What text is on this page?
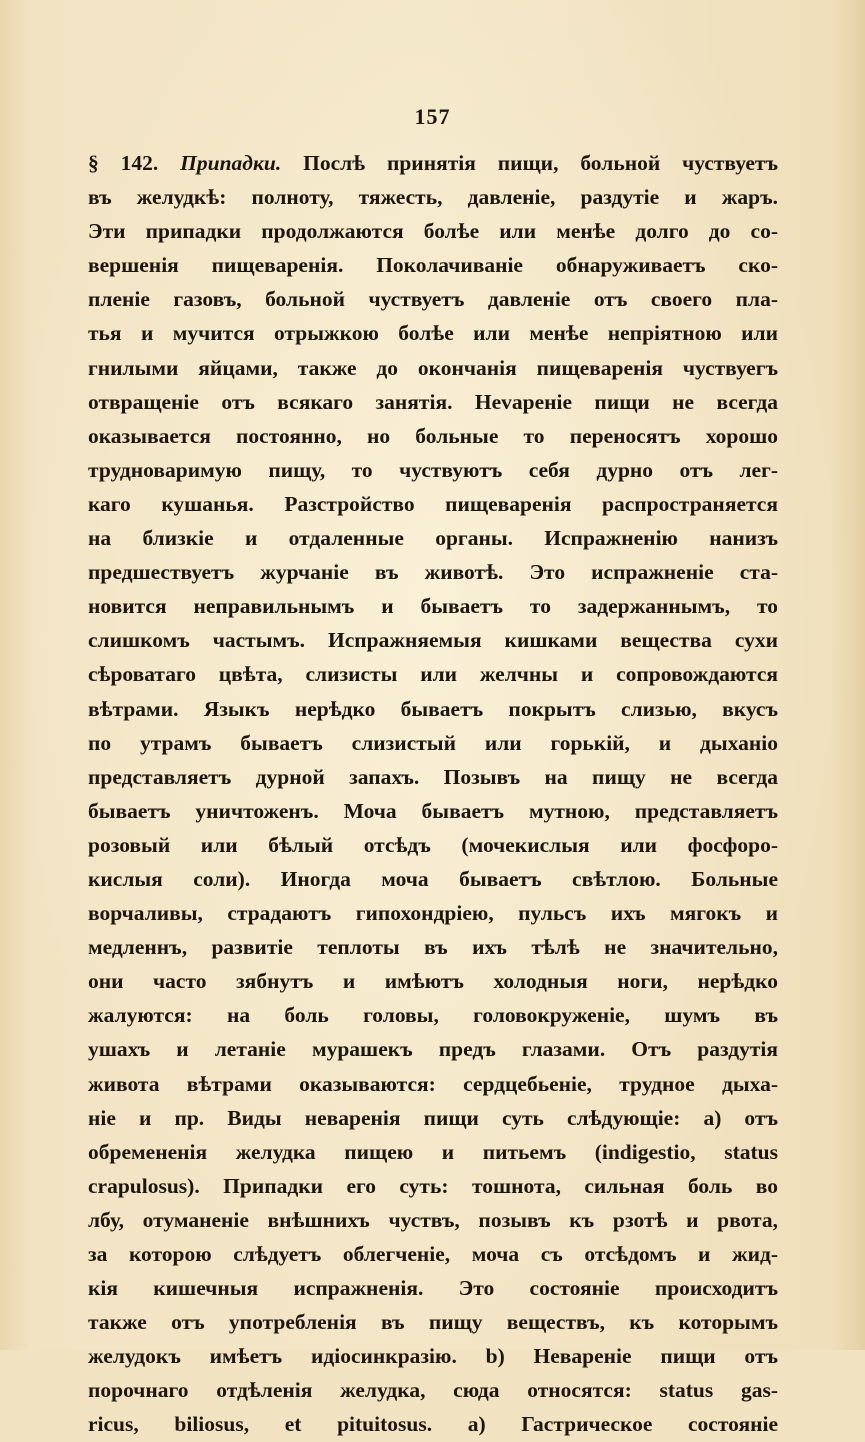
157
§ 142. Припадки. Послѣ принятія пищи, больной чуствуетъ
въ желудкѣ: полноту, тяжесть, давленіе, раздутіе и жаръ.
Эти припадки продолжаются болѣе или менѣе долго до со-
вершенія пищеваренія. Поколачиваніе обнаруживаетъ ско-
пленіе газовъ, больной чуствуетъ давленіе отъ своего пла-
тья и мучится отрыжкою болѣе или менѣе непріятною или
гнилыми яйцами, также до окончанія пищеваренія чуствуегъ
отвращеніе отъ всякаго занятія. Неvареніе пищи не всегда
оказывается постоянно, но больные то переносятъ хорошо
трудноваримую пищу, то чуствуютъ себя дурно отъ лег-
каго кушанья. Разстройство пищеваренія распространяется
на близкіе и отдаленные органы. Испражненію нанизъ
предшествуетъ журчаніе въ животѣ. Это испражненіе ста-
новится неправильнымъ и бываетъ то задержаннымъ, то
слишкомъ частымъ. Испражняемыя кишками вещества сухи
сѣроватаго цвѣта, слизисты или желчны и сопровождаются
вѣтрами. Языкъ нерѣдко бываетъ покрытъ слизью, вкусъ
по утрамъ бываетъ слизистый или горькій, и дыханіо
представляетъ дурной запахъ. Позывъ на пищу не всегда
бываетъ уничтоженъ. Моча бываетъ мутною, представляетъ
розовый или бѣлый отсѣдъ (мочекислыя или фосфоро-
кислыя соли). Иногда моча бываетъ свѣтлою. Больные
ворчаливы, страдаютъ гипохондріею, пульсъ ихъ мягокъ и
медленнъ, развитіе теплоты въ ихъ тѣлѣ не значительно,
они часто зябнутъ и имѣютъ холодныя ноги, нерѣдко
жалуются: на боль головы, головокруженіе, шумъ въ
ушахъ и летаніе мурашекъ предъ глазами. Отъ раздутія
живота вѣтрами оказываются: сердцебьеніе, трудное дыха-
ніе и пр. Виды неваренія пищи суть слѣдующіе: а) отъ
обремененія желудка пищею и питьемъ (indigestio, status
crapulosus). Припадки его суть: тошнота, сильная боль во
лбу, отуманеніе внѣшнихъ чуствъ, позывъ къ рзотѣ и рвота,
за которою слѣдуетъ облегченіе, моча съ отсѣдомъ и жид-
кія кишечныя испражненія. Это состояніе происходитъ
также отъ употребленія въ пищу веществъ, къ которымъ
желудокъ имѣетъ идіосинкразію. b) Невареніе пищи отъ
порочнаго отдѣленія желудка, сюда относятся: status gas-
ricus, biliosus, et pituitosus. а) Гастрическое состояніе
